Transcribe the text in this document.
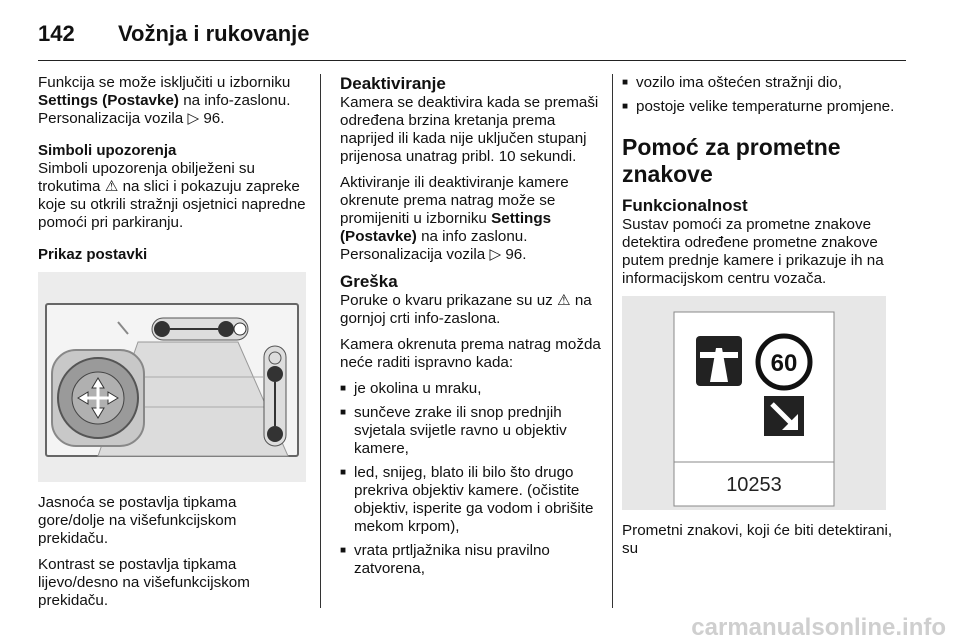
142	Vožnja i rukovanje

Funkcija se može isključiti u izborniku Settings (Postavke) na info-zaslonu. Personalizacija vozila ▷ 96.

Simboli upozorenja

Simboli upozorenja obilježeni su trokutima ⚠ na slici i pokazuju zapreke koje su otkrili stražnji osjetnici napredne pomoći pri parkiranju.

Prikaz postavki

Jasnoća se postavlja tipkama gore/dolje na višefunkcijskom prekidaču.

Kontrast se postavlja tipkama lijevo/desno na višefunkcijskom prekidaču.

Deaktiviranje

Kamera se deaktivira kada se premaši određena brzina kretanja prema naprijed ili kada nije uključen stupanj prijenosa unatrag pribl. 10 sekundi.

Aktiviranje ili deaktiviranje kamere okrenute prema natrag može se promijeniti u izborniku Settings (Postavke) na info zaslonu. Personalizacija vozila ▷ 96.

Greška

Poruke o kvaru prikazane su uz ⚠ na gornjoj crti info-zaslona.

Kamera okrenuta prema natrag možda neće raditi ispravno kada:

■ je okolina u mraku,
■ sunčeve zrake ili snop prednjih svjetala svijetle ravno u objektiv kamere,
■ led, snijeg, blato ili bilo što drugo prekriva objektiv kamere. (očistite objektiv, isperite ga vodom i obrišite mekom krpom),
■ vrata prtljažnika nisu pravilno zatvorena,
■ vozilo ima oštećen stražnji dio,
■ postoje velike temperaturne promjene.

Pomoć za prometne znakove

Funkcionalnost

Sustav pomoći za prometne znakove detektira određene prometne znakove putem prednje kamere i prikazuje ih na informacijskom centru vozača.

60
10253

Prometni znakovi, koji će biti detektirani, su

carmanualsonline.info
